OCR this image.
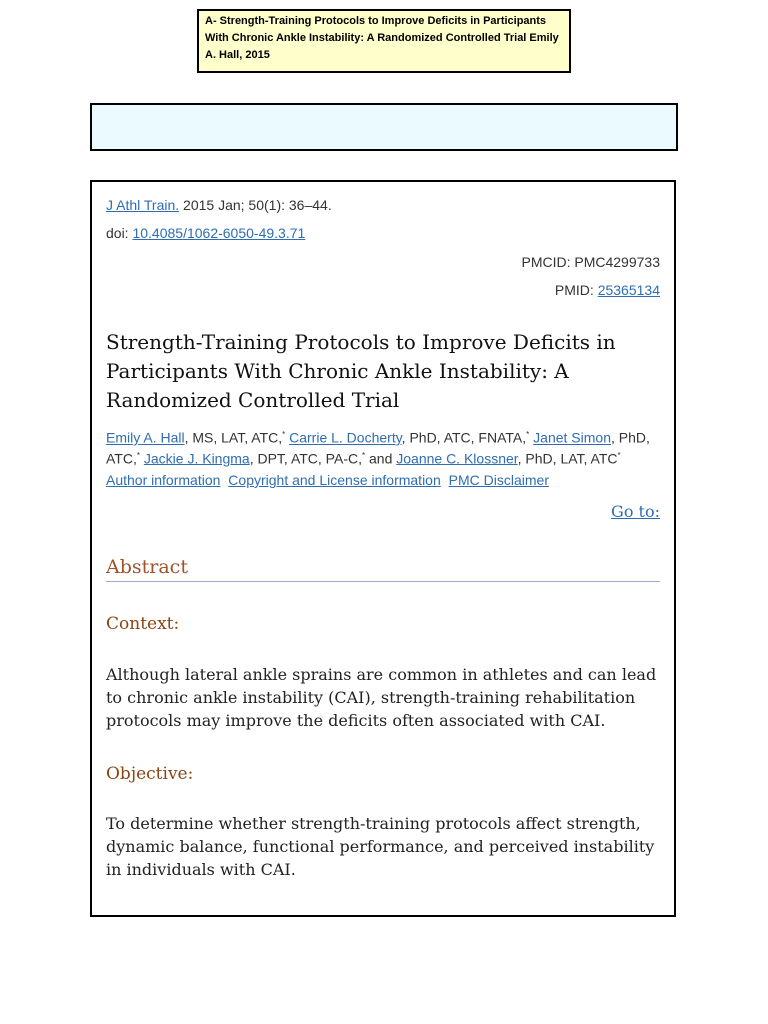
A- Strength-Training Protocols to Improve Deficits in Participants With Chronic Ankle Instability: A Randomized Controlled Trial Emily A. Hall, 2015
J Athl Train. 2015 Jan; 50(1): 36–44.
doi: 10.4085/1062-6050-49.3.71
PMCID: PMC4299733
PMID: 25365134
Strength-Training Protocols to Improve Deficits in Participants With Chronic Ankle Instability: A Randomized Controlled Trial
Emily A. Hall, MS, LAT, ATC,* Carrie L. Docherty, PhD, ATC, FNATA,* Janet Simon, PhD, ATC,* Jackie J. Kingma, DPT, ATC, PA-C,* and Joanne C. Klossner, PhD, LAT, ATC*
Author information Copyright and License information PMC Disclaimer
Go to:
Abstract
Context:
Although lateral ankle sprains are common in athletes and can lead to chronic ankle instability (CAI), strength-training rehabilitation protocols may improve the deficits often associated with CAI.
Objective:
To determine whether strength-training protocols affect strength, dynamic balance, functional performance, and perceived instability in individuals with CAI.
